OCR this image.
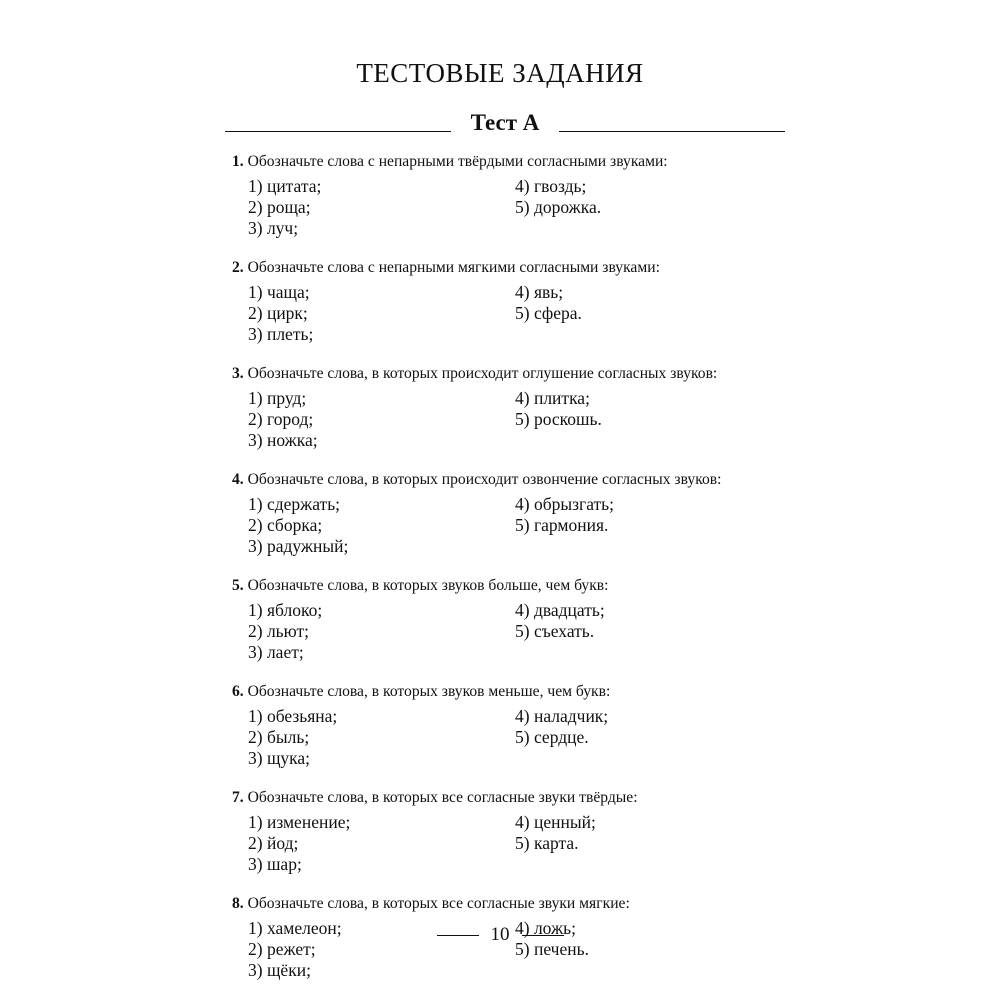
ТЕСТОВЫЕ ЗАДАНИЯ
Тест А

1. Обозначьте слова с непарными твёрдыми согласными звуками:

1) цитата;
2) роща;
3) луч;
4) гвоздь;
5) дорожка.

2. Обозначьте слова с непарными мягкими согласными звуками:

1) чаща;
2) цирк;
3) плеть;
4) явь;
5) сфера.

3. Обозначьте слова, в которых происходит оглушение согласных звуков:

1) пруд;
2) город;
3) ножка;
4) плитка;
5) роскошь.

4. Обозначьте слова, в которых происходит озвончение согласных звуков:

1) сдержать;
2) сборка;
3) радужный;
4) обрызгать;
5) гармония.

5. Обозначьте слова, в которых звуков больше, чем букв:

1) яблоко;
2) льют;
3) лает;
4) двадцать;
5) съехать.

6. Обозначьте слова, в которых звуков меньше, чем букв:

1) обезьяна;
2) быль;
3) щука;
4) наладчик;
5) сердце.

7. Обозначьте слова, в которых все согласные звуки твёрдые:

1) изменение;
2) йод;
3) шар;
4) ценный;
5) карта.

8. Обозначьте слова, в которых все согласные звуки мягкие:

1) хамелеон;
2) режет;
3) щёки;
4) ложь;
5) печень.
10
